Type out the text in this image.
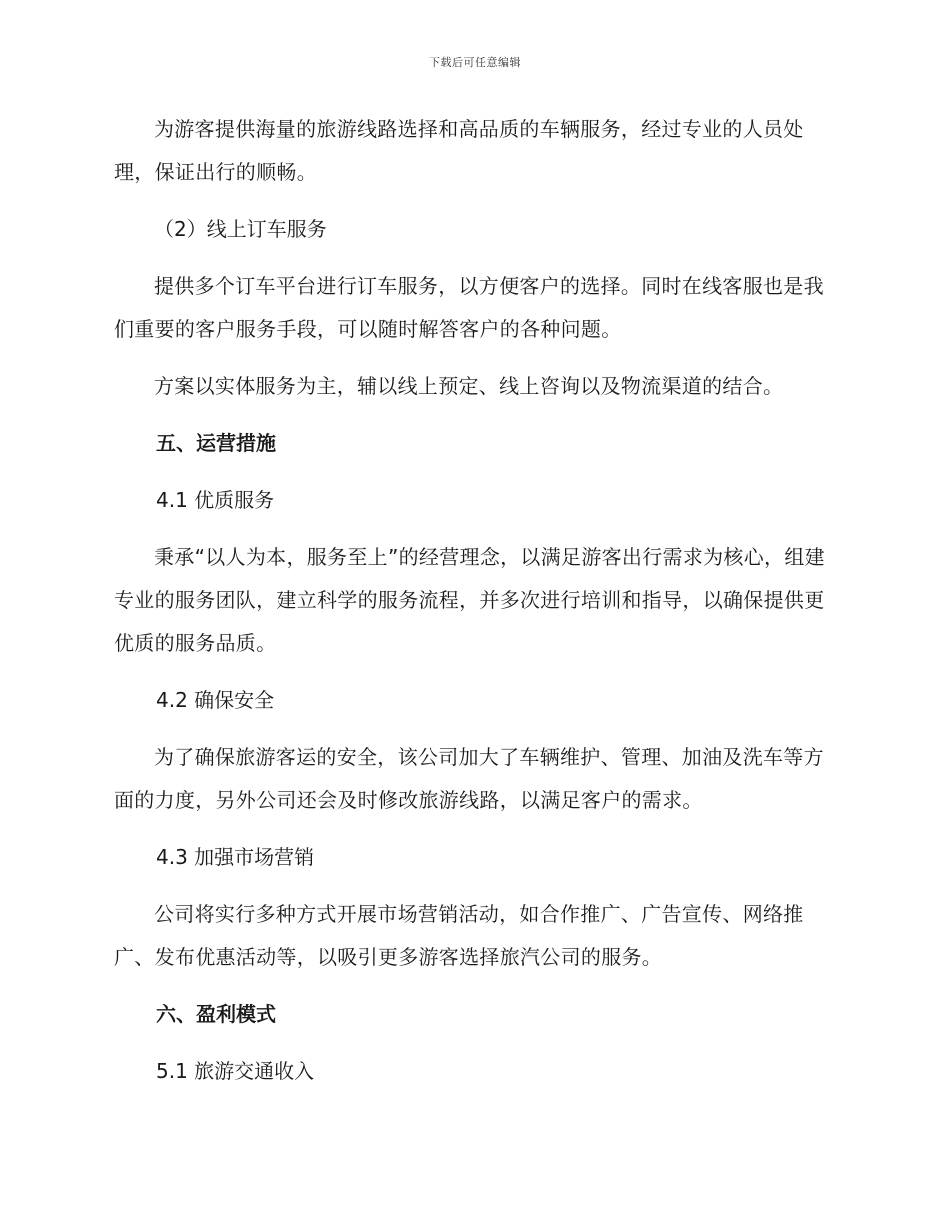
下载后可任意编辑

为游客提供海量的旅游线路选择和高品质的车辆服务，经过专业的人员处理，保证出行的顺畅。

（2）线上订车服务

提供多个订车平台进行订车服务，以方便客户的选择。同时在线客服也是我们重要的客户服务手段，可以随时解答客户的各种问题。

方案以实体服务为主，辅以线上预定、线上咨询以及物流渠道的结合。

五、运营措施

4.1 优质服务

秉承“以人为本，服务至上”的经营理念，以满足游客出行需求为核心，组建专业的服务团队，建立科学的服务流程，并多次进行培训和指导，以确保提供更优质的服务品质。

4.2 确保安全

为了确保旅游客运的安全，该公司加大了车辆维护、管理、加油及洗车等方面的力度，另外公司还会及时修改旅游线路，以满足客户的需求。

4.3 加强市场营销

公司将实行多种方式开展市场营销活动，如合作推广、广告宣传、网络推广、发布优惠活动等，以吸引更多游客选择旅汽公司的服务。

六、盈利模式

5.1 旅游交通收入
